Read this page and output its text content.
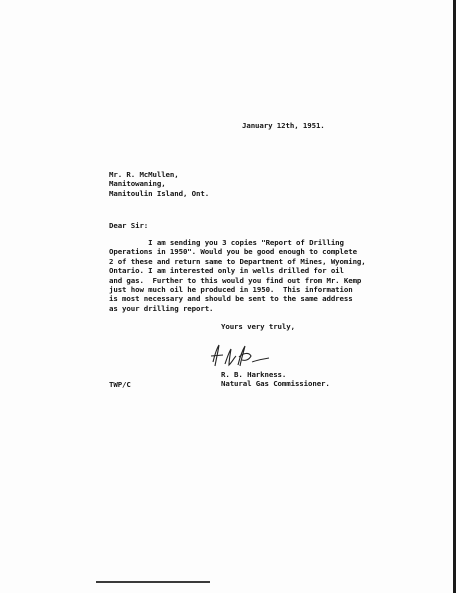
January 12th, 1951.
Mr. R. McMullen,
Manitowaning,
Manitoulin Island, Ont.
Dear Sir:
I am sending you 3 copies "Report of Drilling
Operations in 1950". Would you be good enough to complete
2 of these and return same to Department of Mines, Wyoming,
Ontario. I am interested only in wells drilled for oil
and gas.  Further to this would you find out from Mr. Kemp
just how much oil he produced in 1950.  This information
is most necessary and should be sent to the same address
as your drilling report.
Yours very truly,
R. B. Harkness.
Natural Gas Commissioner.
TWP/C
